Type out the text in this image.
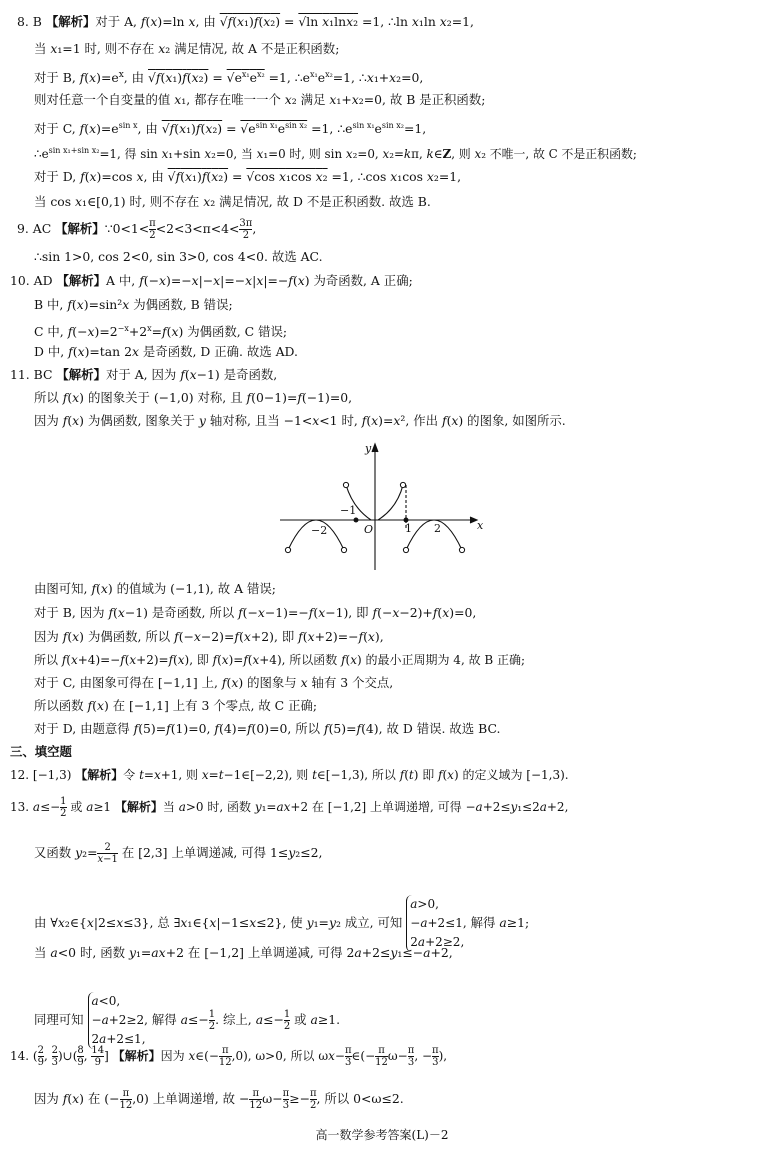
8. B 【解析】对于 A, f(x)=ln x, 由 √f(x₁)f(x₂) = √ln x₁lnx₂ =1, ∴ln x₁ln x₂=1,
当 x₁=1 时, 则不存在 x₂ 满足情况, 故 A 不是正积函数;
对于 B, $f(x)=e^x$, 由 $√f(x_1)f(x_2) = √e^{x_1}e^{x_2} =1$, $\therefore e^{x_1}e^{x_2}=1$, ∴x₁+x₂=0,
则对任意一个自变量的值 x₁, 都存在唯一一个 x₂ 满足 x₁+x₂=0, 故 B 是正积函数;
对于 C, $f(x)=e^{sin x}$, 由 $√f(x_1)f(x_2) = √e^{sin x_1}e^{sin x_2} =1$, $\therefore e^{sin x_1}e^{sin x_2}=1$,
$\therefore e^{sin x_1+sin x_2}=1$, 得 sin x₁+sin x₂=0, 当 x₁=0 时, 则 sin x₂=0, x₂=kπ, k∈Z, 则 x₂ 不唯一, 故 C 不是正积函数;
对于 D, f(x)=cos x, 由 √f(x₁)f(x₂) = √cos x₁cos x₂ =1, ∴cos x₁cos x₂=1,
当 cos x₁∈[0,1) 时, 则不存在 x₂ 满足情况, 故 D 不是正积函数. 故选 B.
9. AC 【解析】∵0<1< $\frac{\pi}{2} <2<3<\pi<4< \frac{3\pi}{2}$ ,
∴sin 1>0, cos 2<0, sin 3>0, cos 4<0. 故选 AC.
10. AD 【解析】A 中, f(−x)=−x|−x|=−x|x|=−f(x) 为奇函数, A 正确;
B 中, f(x)=sin²x 为偶函数, B 错误;
C 中, $f(-x)=2^{-x}+2^x=f(x)$ 为偶函数, C 错误;
D 中, f(x)=tan 2x 是奇函数, D 正确. 故选 AD.
11. BC 【解析】对于 A, 因为 f(x−1) 是奇函数,
所以 f(x) 的图象关于 (−1,0) 对称, 且 f(0−1)=f(−1)=0,
因为 f(x) 为偶函数, 图象关于 y 轴对称, 且当 −1<x<1 时, f(x)=x², 作出 f(x) 的图象, 如图所示.
y
x
O
−1
−2	1 2
由图可知, f(x) 的值域为 (−1,1), 故 A 错误;
对于 B, 因为 f(x−1) 是奇函数, 所以 f(−x−1)=−f(x−1), 即 f(−x−2)+f(x)=0,
因为 f(x) 为偶函数, 所以 f(−x−2)=f(x+2), 即 f(x+2)=−f(x),
所以 f(x+4)=−f(x+2)=f(x), 即 f(x)=f(x+4), 所以函数 f(x) 的最小正周期为 4, 故 B 正确;
对于 C, 由图象可得在 [−1,1] 上, f(x) 的图象与 x 轴有 3 个交点,
所以函数 f(x) 在 [−1,1] 上有 3 个零点, 故 C 正确;
对于 D, 由题意得 f(5)=f(1)=0, f(4)=f(0)=0, 所以 f(5)=f(4), 故 D 错误. 故选 BC.
三、填空题
12. [−1,3) 【解析】令 t=x+1, 则 x=t−1∈[−2,2), 则 t∈[−1,3), 所以 f(t) 即 f(x) 的定义域为 [−1,3).
13. $a\le- \frac{1}{2}$ 或 a≥1 【解析】当 a>0 时, 函数 y₁=ax+2 在 [−1,2] 上单调递增, 可得 −a+2≤y₁≤2a+2,
又函数 $y_2= \frac{2}{x-1}$ 在 [2,3] 上单调递减, 可得 1≤y₂≤2,
由 ∀x₂∈{x|2≤x≤3}, 总 ∃x₁∈{x|−1≤x≤2}, 使 y₁=y₂ 成立, 可知
a>0,
−a+2≤1,
2a+2≥2,
解得 a≥1;
当 a<0 时, 函数 y₁=ax+2 在 [−1,2] 上单调递减, 可得 2a+2≤y₁≤−a+2,
同理可知
a<0,
−a+2≥2,
2a+2≤1,
解得 $a\le- \frac{1}{2}$ . 综上, $a\le- \frac{1}{2}$ 或 a≥1.
14. ( $\frac{2}{9}$ , $\frac{2}{3}$ )∪( $\frac{8}{9}$ , $\frac{14}{9}$ ] 【解析】因为 x∈(− $\frac{\pi}{12} ,0$), ω>0, 所以 $\omega x- \frac{\pi}{3}$ ∈(− $\frac{\pi}{12} \omega- \frac{\pi}{3}$ , − $\frac{\pi}{3}$ ),
因为 f(x) 在 (− $\frac{\pi}{12} ,0$) 上单调递增, 故 − $\frac{\pi}{12} \omega- \frac{\pi}{3} \ge- \frac{\pi}{2}$ , 所以 0<ω≤2.
高一数学参考答案(L)－2
